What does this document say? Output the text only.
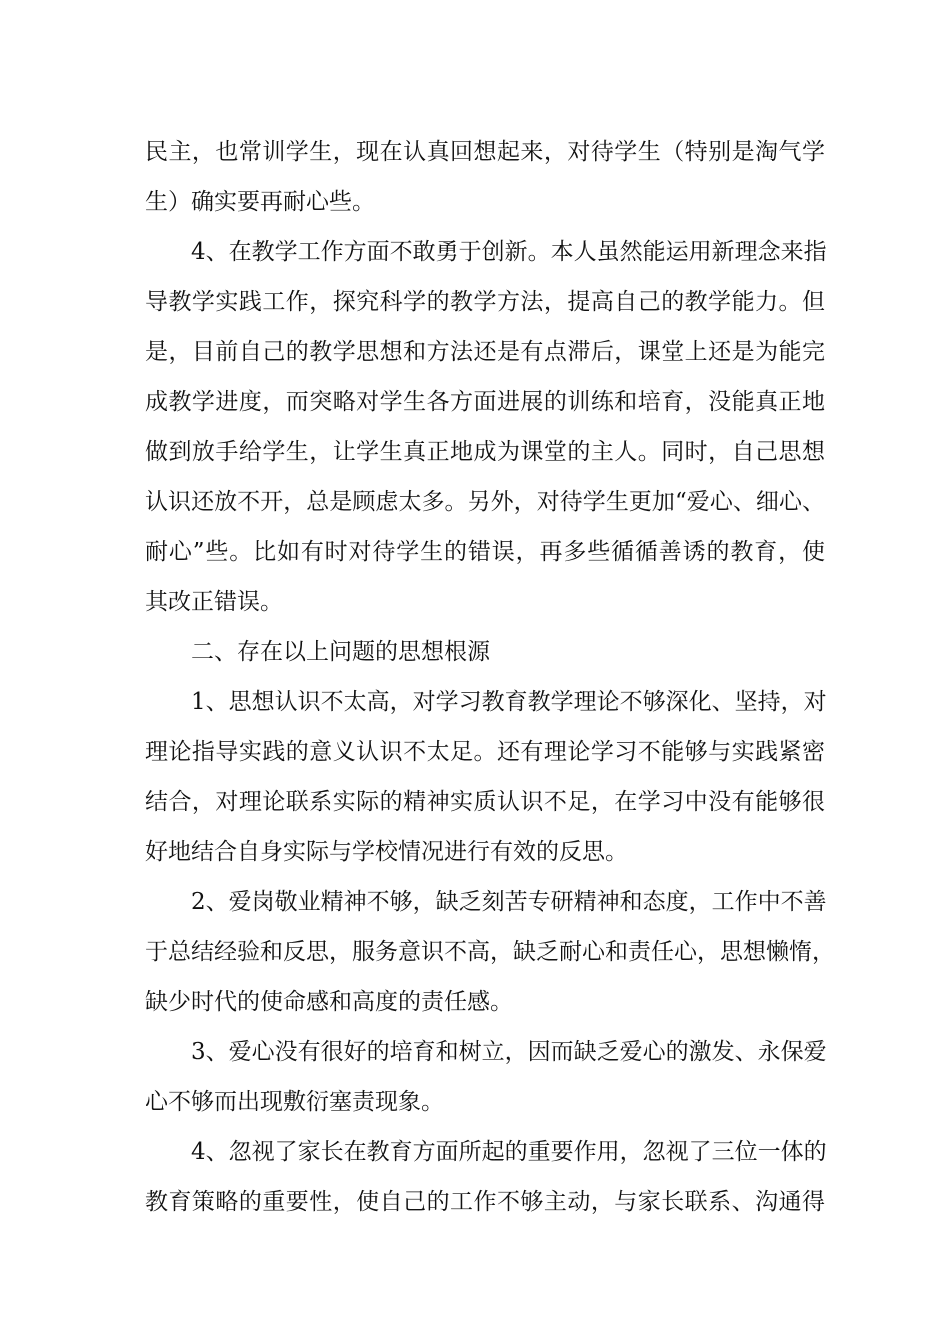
民主，也常训学生，现在认真回想起来，对待学生（特别是淘气学
生）确实要再耐心些。
4、在教学工作方面不敢勇于创新。本人虽然能运用新理念来指
导教学实践工作，探究科学的教学方法，提高自己的教学能力。但
是，目前自己的教学思想和方法还是有点滞后，课堂上还是为能完
成教学进度，而突略对学生各方面进展的训练和培育，没能真正地
做到放手给学生，让学生真正地成为课堂的主人。同时，自己思想
认识还放不开，总是顾虑太多。另外，对待学生更加“爱心、细心、
耐心”些。比如有时对待学生的错误，再多些循循善诱的教育，使
其改正错误。
二、存在以上问题的思想根源
1、思想认识不太高，对学习教育教学理论不够深化、坚持，对
理论指导实践的意义认识不太足。还有理论学习不能够与实践紧密
结合，对理论联系实际的精神实质认识不足，在学习中没有能够很
好地结合自身实际与学校情况进行有效的反思。
2、爱岗敬业精神不够，缺乏刻苦专研精神和态度，工作中不善
于总结经验和反思，服务意识不高，缺乏耐心和责任心，思想懒惰，
缺少时代的使命感和高度的责任感。
3、爱心没有很好的培育和树立，因而缺乏爱心的激发、永保爱
心不够而出现敷衍塞责现象。
4、忽视了家长在教育方面所起的重要作用，忽视了三位一体的
教育策略的重要性，使自己的工作不够主动，与家长联系、沟通得
